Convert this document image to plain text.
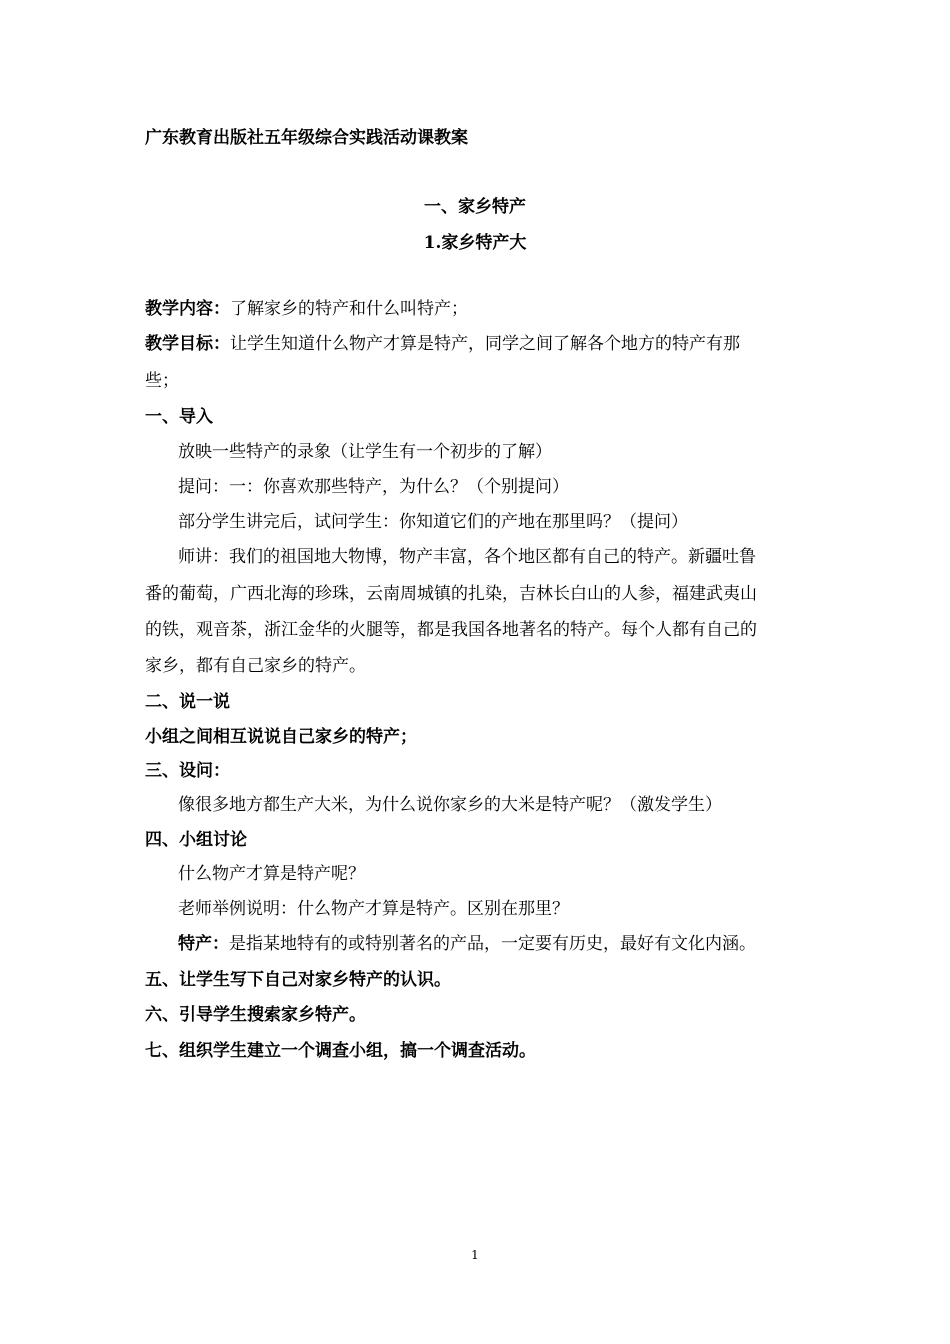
广东教育出版社五年级综合实践活动课教案
一、家乡特产
1.家乡特产大
教学内容：了解家乡的特产和什么叫特产；
教学目标：让学生知道什么物产才算是特产，同学之间了解各个地方的特产有那
些；
一、导入
放映一些特产的录象（让学生有一个初步的了解）
提问：一：你喜欢那些特产，为什么？（个别提问）
部分学生讲完后，试问学生：你知道它们的产地在那里吗？（提问）
师讲：我们的祖国地大物博，物产丰富，各个地区都有自己的特产。新疆吐鲁
番的葡萄，广西北海的珍珠，云南周城镇的扎染，吉林长白山的人参，福建武夷山
的铁，观音茶，浙江金华的火腿等，都是我国各地著名的特产。每个人都有自己的
家乡，都有自己家乡的特产。
二、说一说
小组之间相互说说自己家乡的特产；
三、设问：
像很多地方都生产大米，为什么说你家乡的大米是特产呢？（激发学生）
四、小组讨论
什么物产才算是特产呢？
老师举例说明：什么物产才算是特产。区别在那里？
特产：是指某地特有的或特别著名的产品，一定要有历史，最好有文化内涵。
五、让学生写下自己对家乡特产的认识。
六、引导学生搜索家乡特产。
七、组织学生建立一个调查小组，搞一个调查活动。
1
